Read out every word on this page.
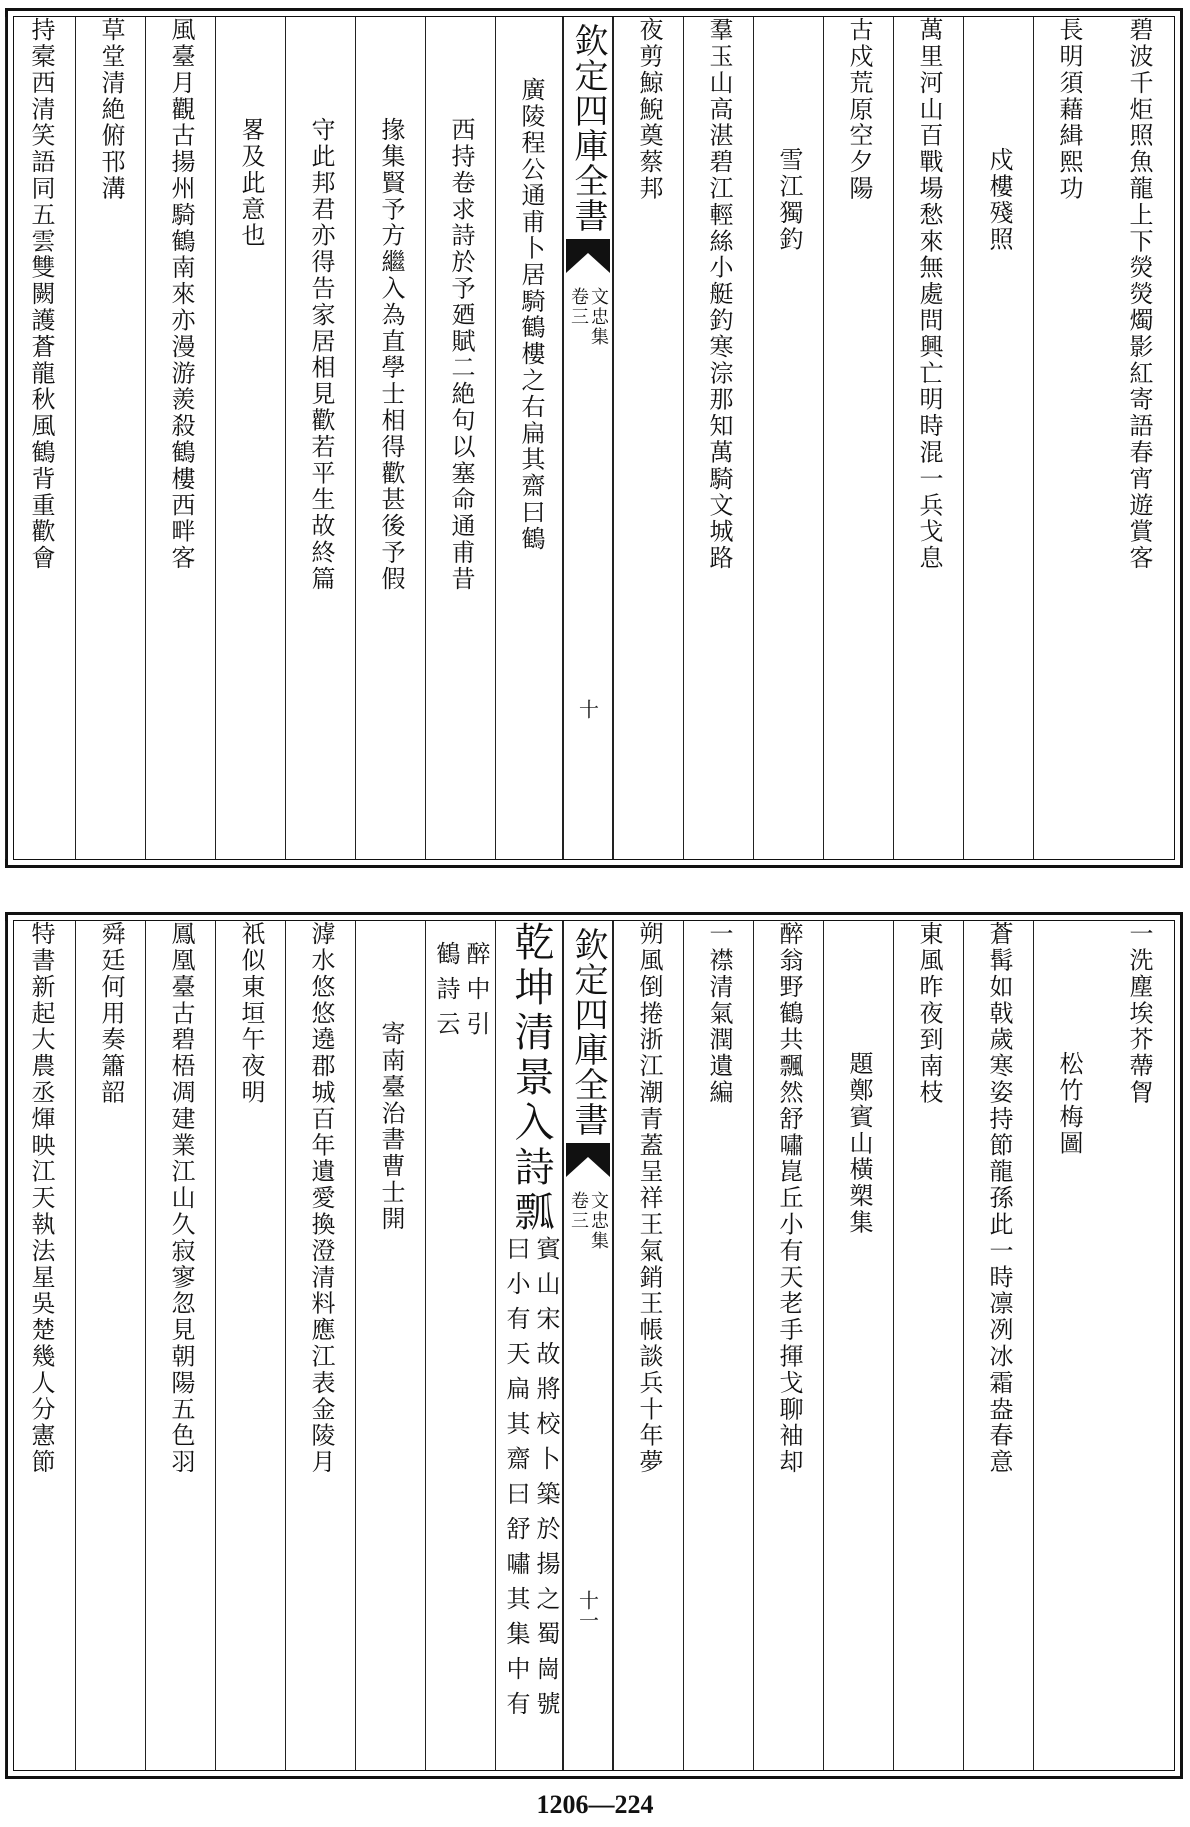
碧波千炬照魚龍上下熒熒燭影紅寄語春宵遊賞客
長明須藉緝熙功
戍樓殘照
萬里河山百戰場愁來無處問興亡明時混一兵戈息
古戍荒原空夕陽
雪江獨釣
羣玉山高湛碧江輕絲小艇釣寒淙那知萬騎文城路
夜剪鯨鯢奠蔡邦
欽定四庫全書
文忠集
卷三
十
廣陵程公通甫卜居騎鶴樓之右扁其齋曰鶴
西持卷求詩於予廼賦二絶句以塞命通甫昔
掾集賢予方繼入為直學士相得歡甚後予假
守此邦君亦得告家居相見歡若平生故終篇
畧及此意也
風臺月觀古揚州騎鶴南來亦漫游羨殺鶴樓西畔客
草堂清絶俯邗溝
持槖西清笑語同五雲雙闕護蒼龍秋風鶴背重歡會
一洗塵埃芥蔕胷
松竹梅圖
蒼髯如戟歲寒姿持節龍孫此一時凛冽冰霜盎春意
東風昨夜到南枝
題鄭賓山橫槊集
醉翁野鶴共飄然舒嘯崑丘小有天老手揮戈聊袖却
一襟清氣潤遺編
朔風倒捲浙江潮青蓋呈祥王氣銷王帳談兵十年夢
欽定四庫全書
文忠集
卷三
十一
乾坤清景入詩瓢
賓山宋故將校卜築於揚之蜀崗號
曰小有天扁其齋曰舒嘯其集中有
醉中引
鶴詩云
寄南臺治書曹士開
滹水悠悠遶郡城百年遺愛換澄清料應江表金陵月
祇似東垣午夜明
鳳凰臺古碧梧凋建業江山久寂寥忽見朝陽五色羽
舜廷何用奏簫韶
特書新起大農丞煇映江天執法星吳楚幾人分憲節
1206—224
